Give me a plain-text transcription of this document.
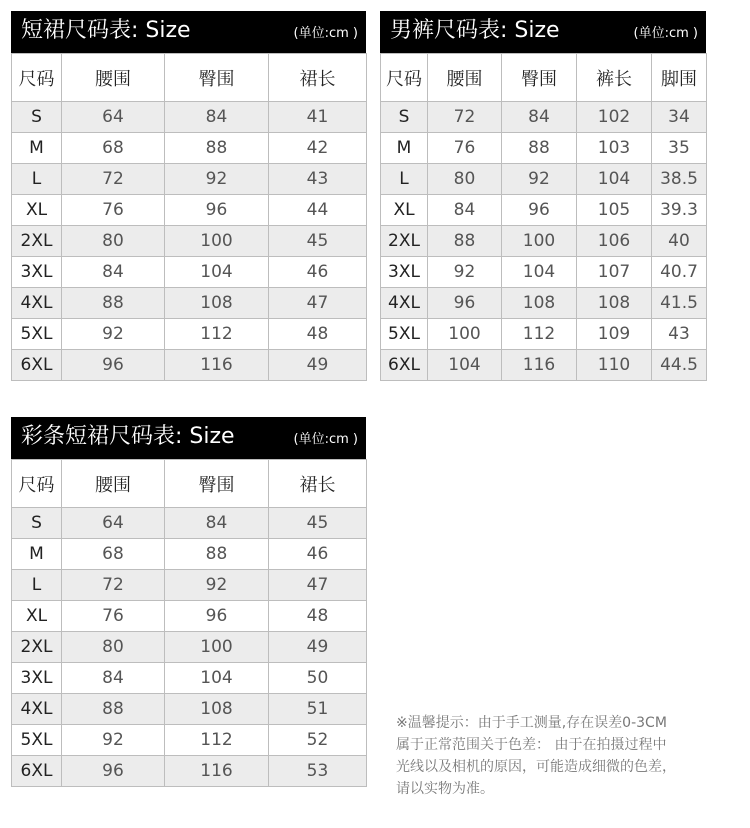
短裙尺码表: Size	(单位:cm )
尺码	腰围	臀围	裙长
S	64	84	41
M	68	88	42
L	72	92	43
XL	76	96	44
2XL	80	100	45
3XL	84	104	46
4XL	88	108	47
5XL	92	112	48
6XL	96	116	49
男裤尺码表: Size	(单位:cm )
尺码	腰围	臀围	裤长	脚围
S	72	84	102	34
M	76	88	103	35
L	80	92	104	38.5
XL	84	96	105	39.3
2XL	88	100	106	40
3XL	92	104	107	40.7
4XL	96	108	108	41.5
5XL	100	112	109	43
6XL	104	116	110	44.5
彩条短裙尺码表: Size	(单位:cm )
尺码	腰围	臀围	裙长
S	64	84	45
M	68	88	46
L	72	92	47
XL	76	96	48
2XL	80	100	49
3XL	84	104	50
4XL	88	108	51
5XL	92	112	52
6XL	96	116	53
※温馨提示：由于手工测量,存在误差0-3CM
属于正常范围关于色差： 由于在拍摄过程中
光线以及相机的原因，可能造成细微的色差，
请以实物为准。
